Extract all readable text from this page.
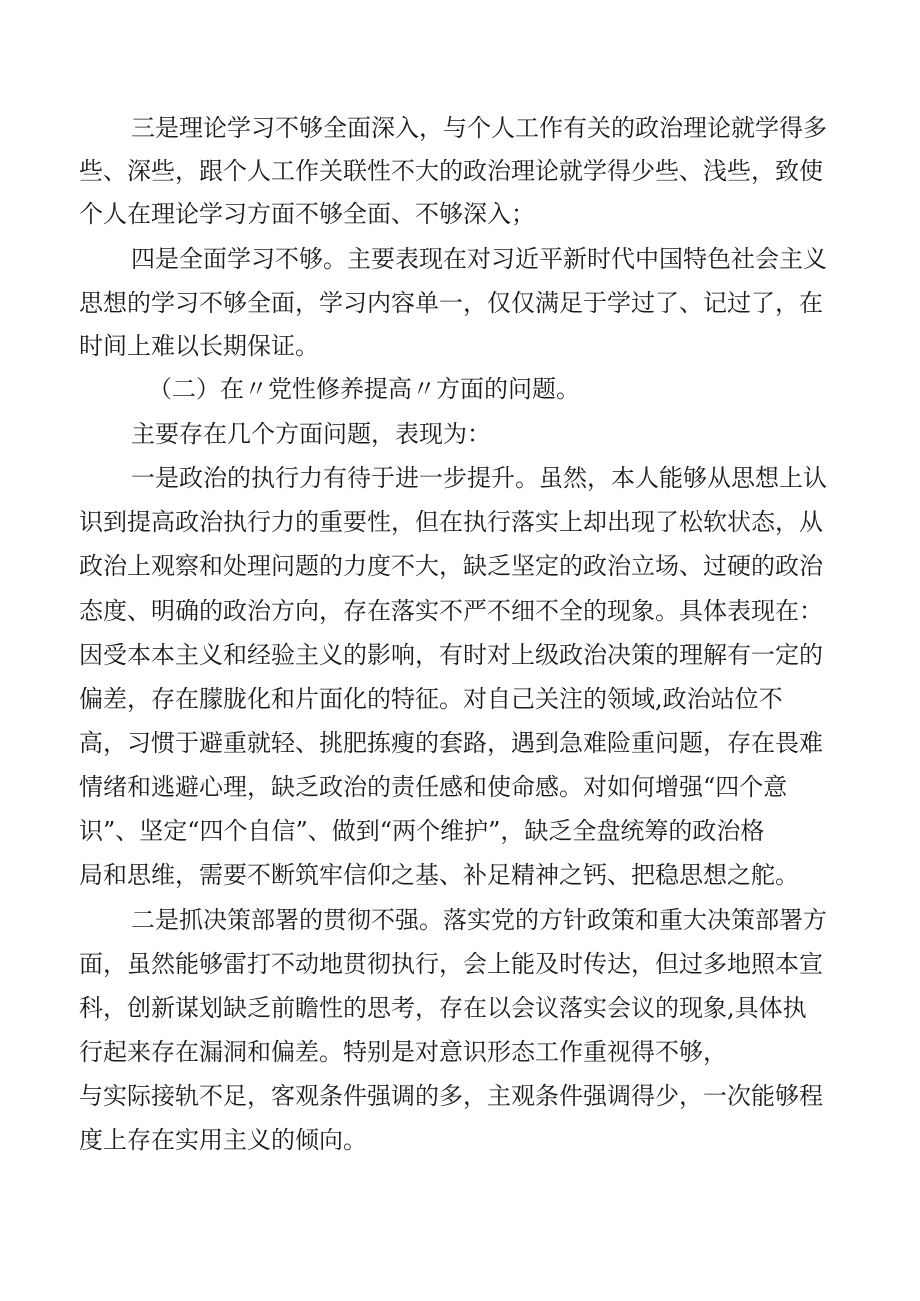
三是理论学习不够全面深入，与个人工作有关的政治理论就学得多
些、深些，跟个人工作关联性不大的政治理论就学得少些、浅些，致使
个人在理论学习方面不够全面、不够深入；
四是全面学习不够。主要表现在对习近平新时代中国特色社会主义
思想的学习不够全面，学习内容单一，仅仅满足于学过了、记过了，在
时间上难以长期保证。
（二）在〃党性修养提高〃方面的问题。
主要存在几个方面问题，表现为：
一是政治的执行力有待于进一步提升。虽然，本人能够从思想上认
识到提高政治执行力的重要性，但在执行落实上却出现了松软状态，从
政治上观察和处理问题的力度不大，缺乏坚定的政治立场、过硬的政治
态度、明确的政治方向，存在落实不严不细不全的现象。具体表现在：
因受本本主义和经验主义的影响，有时对上级政治决策的理解有一定的
偏差，存在朦胧化和片面化的特征。对自己关注的领域,政治站位不
高，习惯于避重就轻、挑肥拣瘦的套路，遇到急难险重问题，存在畏难
情绪和逃避心理，缺乏政治的责任感和使命感。对如何增强“四个意
识”、坚定“四个自信”、做到“两个维护”，缺乏全盘统筹的政治格
局和思维，需要不断筑牢信仰之基、补足精神之钙、把稳思想之舵。
二是抓决策部署的贯彻不强。落实党的方针政策和重大决策部署方
面，虽然能够雷打不动地贯彻执行，会上能及时传达，但过多地照本宣
科，创新谋划缺乏前瞻性的思考，存在以会议落实会议的现象,具体执
行起来存在漏洞和偏差。特别是对意识形态工作重视得不够，
与实际接轨不足，客观条件强调的多，主观条件强调得少，一次能够程
度上存在实用主义的倾向。
